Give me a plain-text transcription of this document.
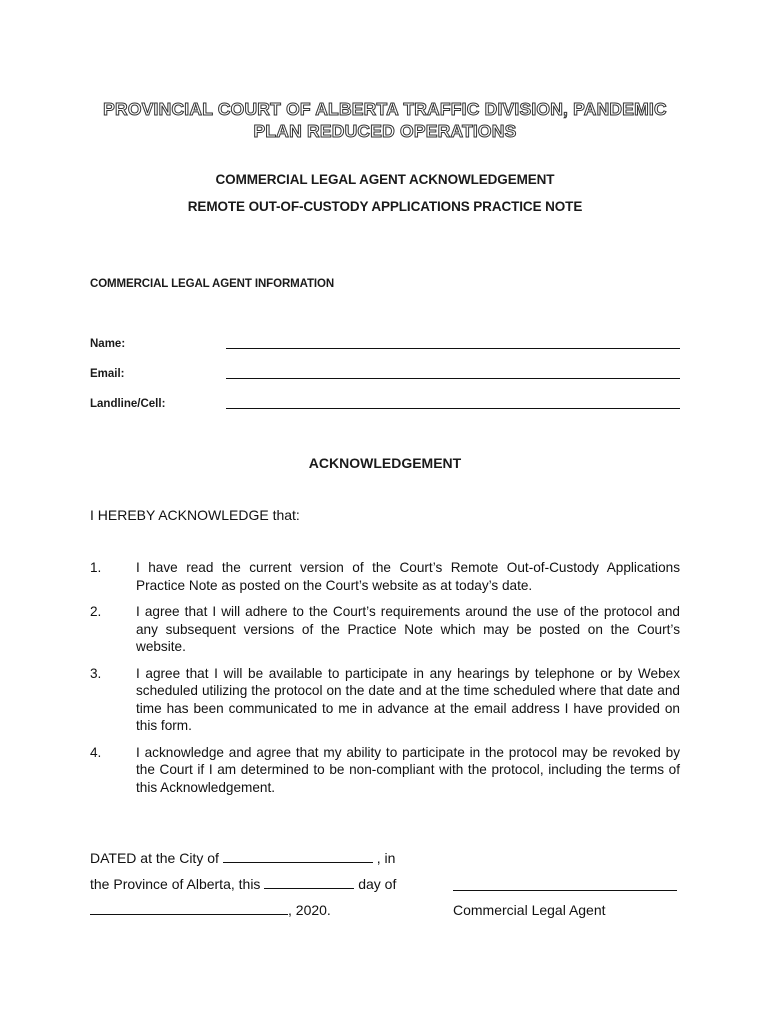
PROVINCIAL COURT OF ALBERTA TRAFFIC DIVISION, PANDEMIC
PLAN REDUCED OPERATIONS
COMMERCIAL LEGAL AGENT ACKNOWLEDGEMENT
REMOTE OUT-OF-CUSTODY APPLICATIONS PRACTICE NOTE
COMMERCIAL LEGAL AGENT INFORMATION
Name:
Email:
Landline/Cell:
ACKNOWLEDGEMENT
I HEREBY ACKNOWLEDGE that:
1.	I have read the current version of the Court’s Remote Out-of-Custody Applications Practice Note as posted on the Court’s website as at today’s date.
2.	I agree that I will adhere to the Court’s requirements around the use of the protocol and any subsequent versions of the Practice Note which may be posted on the Court’s website.
3.	I agree that I will be available to participate in any hearings by telephone or by Webex scheduled utilizing the protocol on the date and at the time scheduled where that date and time has been communicated to me in advance at the email address I have provided on this form.
4.	I acknowledge and agree that my ability to participate in the protocol may be revoked by the Court if I am determined to be non-compliant with the protocol, including the terms of this Acknowledgement.
DATED at the City of	, in
the Province of Alberta, this	day of
, 2020.	Commercial Legal Agent
